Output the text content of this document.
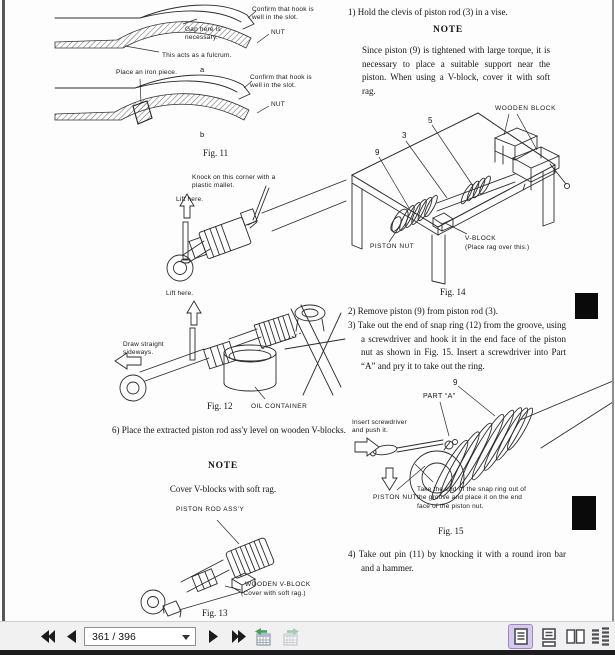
Confirm that hook is well in the slot.
Gap here is necessary.
NUT
This acts as a fulcrum.
a
Place an iron piece.
Confirm that hook is well in the slot.
NUT
b
Fig. 11
Knock on this corner with a plastic mallet.
Lift here.
Lift here.
Draw straight sideways.
Fig. 12	OIL CONTAINER
6) Place the extracted piston rod ass'y level on wooden V-blocks.
NOTE
Cover V-blocks with soft rag.
PISTON ROD ASS'Y
WOODEN V-BLOCK
(Cover with soft rag.)
Fig. 13
1) Hold the clevis of piston rod (3) in a vise.
NOTE
Since piston (9) is tightened with large torque, it is necessary to place a suitable support near the piston. When using a V-block, cover it with soft rag.
WOODEN BLOCK
5
3
9
PISTON NUT
V-BLOCK
(Place rag over this.)
Fig. 14
2) Remove piston (9) from piston rod (3).
3) Take out the end of snap ring (12) from the groove, using a screwdriver and hook it in the end face of the piston nut as shown in Fig. 15. Insert a screwdriver into Part “A” and pry it to take out the ring.
9
PART “A”
Insert screwdriver and push it.
PISTON NUT
Take the end of the snap ring out of the groove and place it on the end face of the piston nut.
Fig. 15
4) Take out pin (11) by knocking it with a round iron bar and a hammer.
361 / 396
